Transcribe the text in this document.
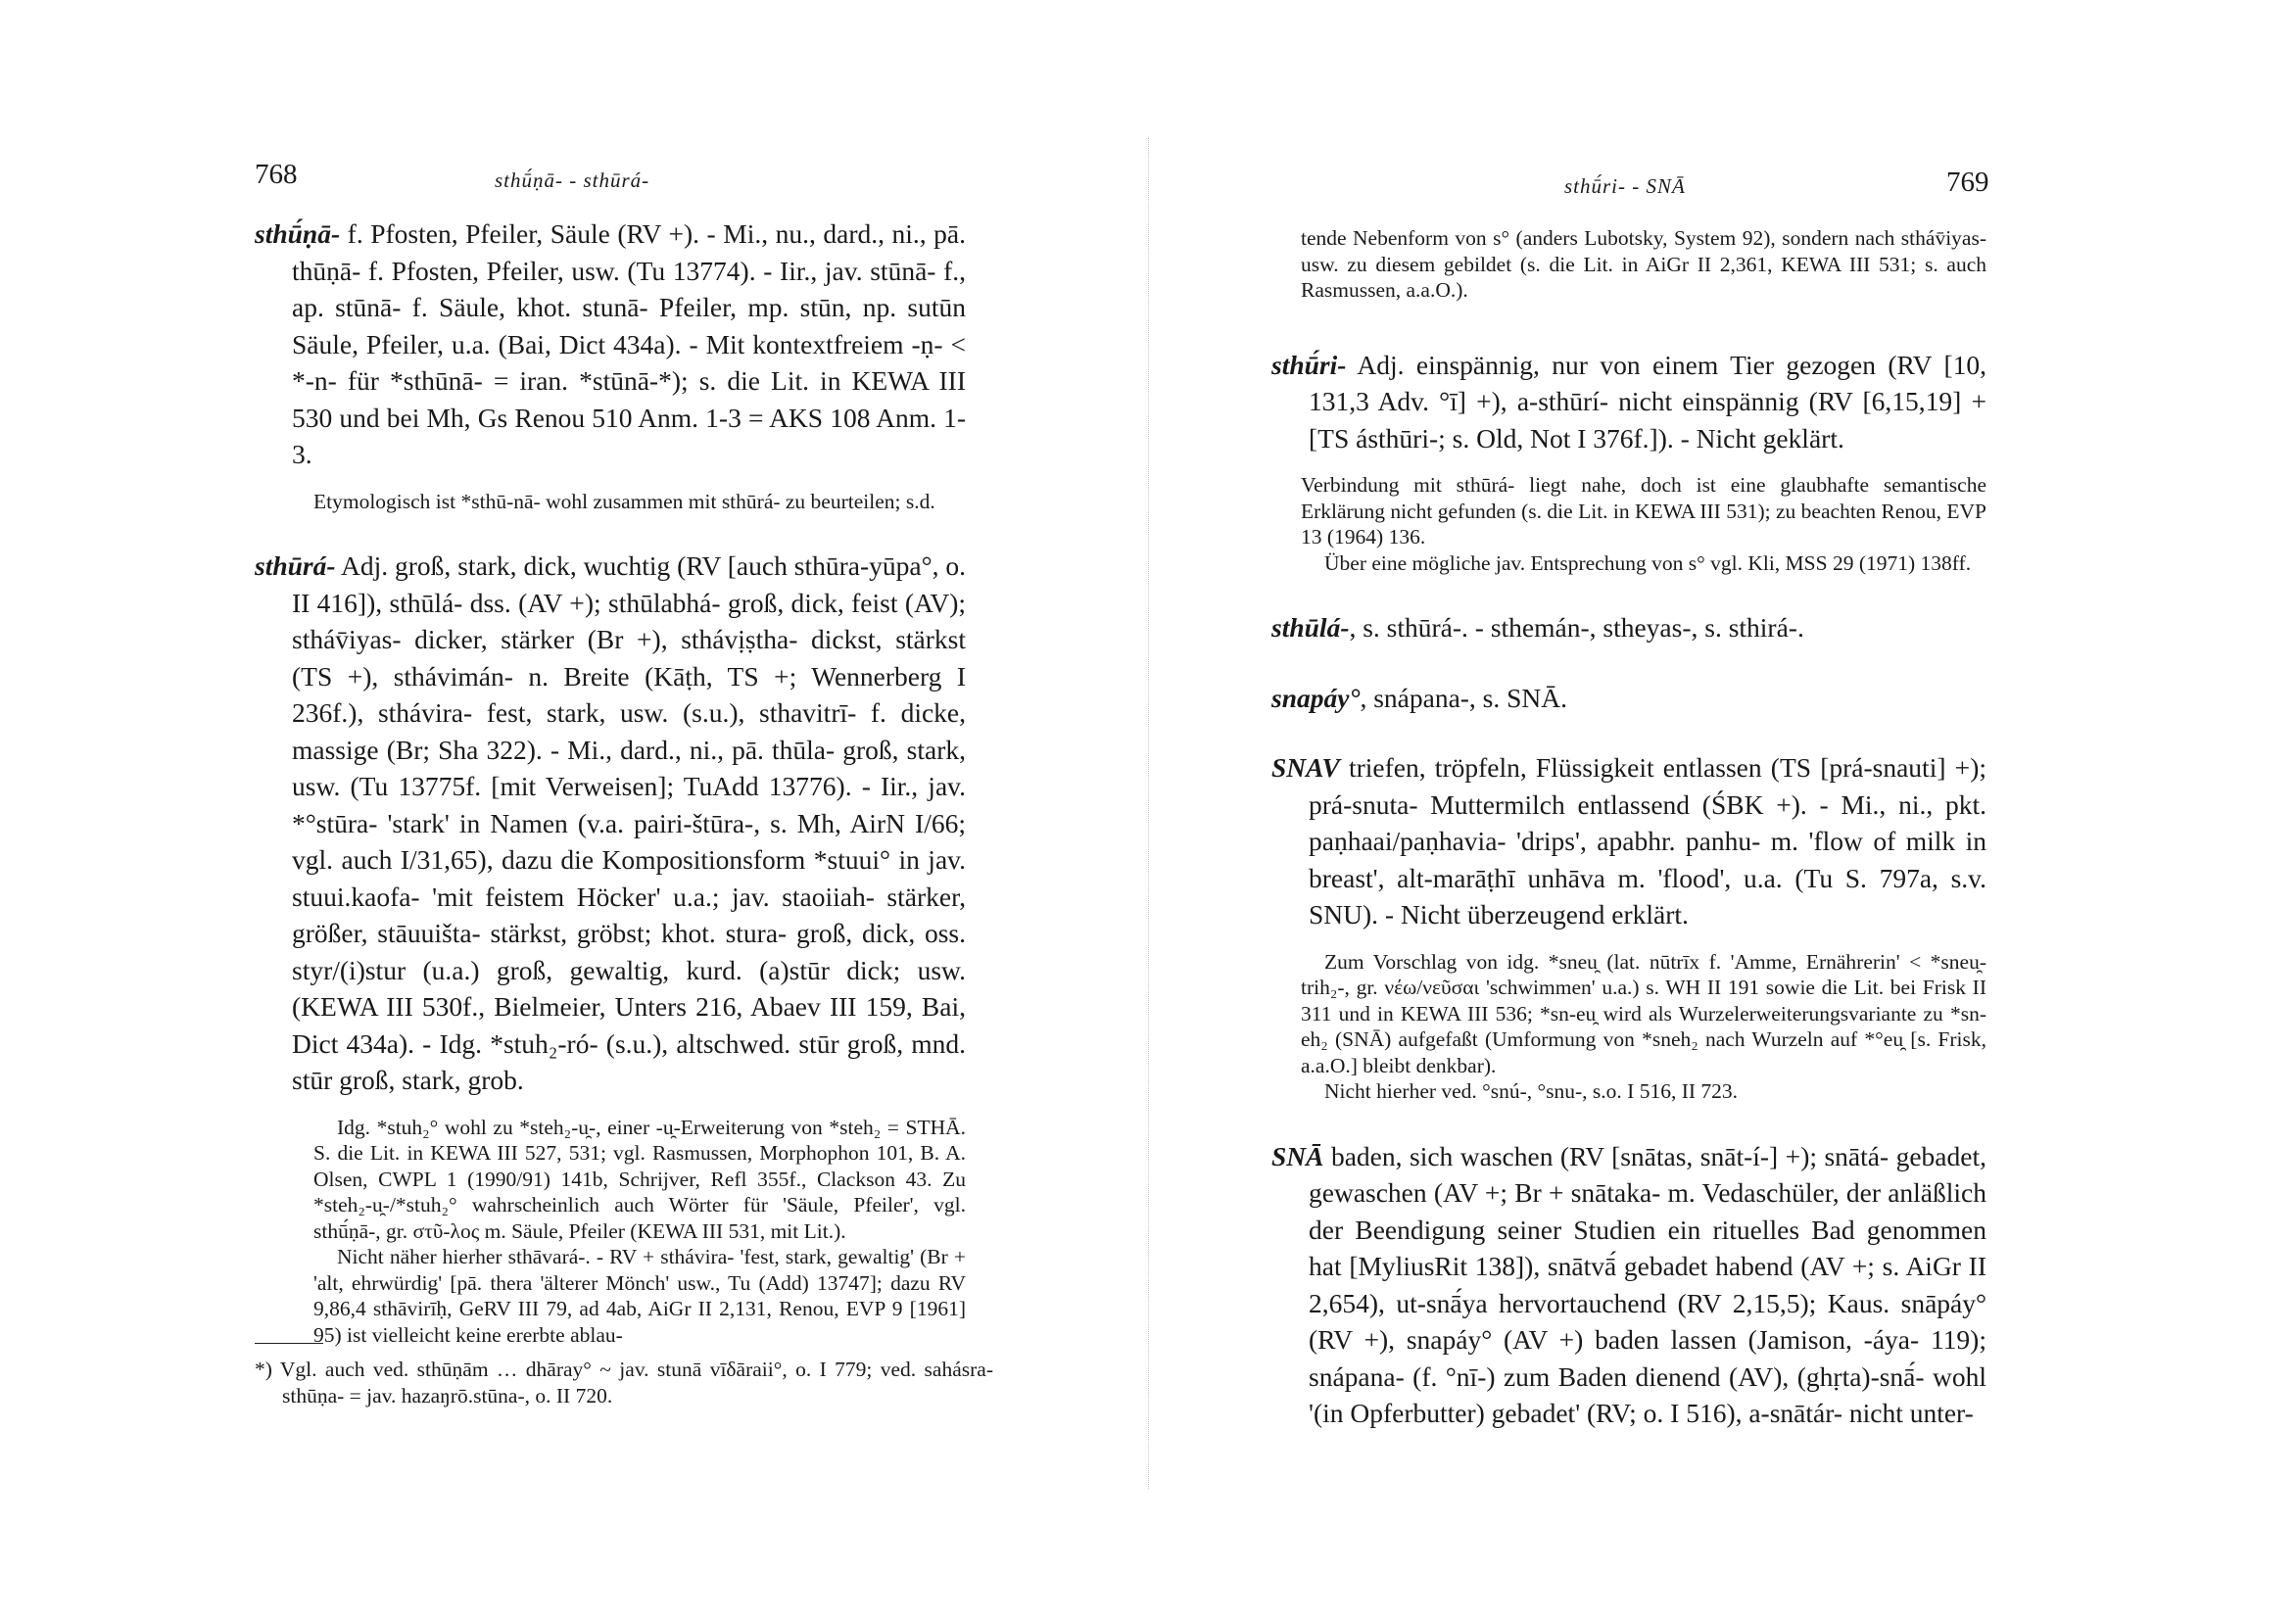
768	sthū́ṇā- - sthūrá-

sthū́ṇā- f. Pfosten, Pfeiler, Säule (RV +). - Mi., nu., dard., ni., pā. thūṇā- f. Pfosten, Pfeiler, usw. (Tu 13774). - Iir., jav. stūnā- f., ap. stūnā- f. Säule, khot. stunā- Pfeiler, mp. stūn, np. sutūn Säule, Pfeiler, u.a. (Bai, Dict 434a). - Mit kontextfreiem -ṇ- < *-n- für *sthūnā- = iran. *stūnā-*); s. die Lit. in KEWA III 530 und bei Mh, Gs Renou 510 Anm. 1-3 = AKS 108 Anm. 1-3.

Etymologisch ist *sthū-nā- wohl zusammen mit sthūrá- zu beurteilen; s.d.

sthūrá- Adj. groß, stark, dick, wuchtig (RV [auch sthūra-yūpa°, o. II 416]), sthūlá- dss. (AV +); sthūlabhá- groß, dick, feist (AV); stháv̄iyas- dicker, stärker (Br +), sthávịṣtha- dickst, stärkst (TS +), sthávimán- n. Breite (Kāṭh, TS +; Wennerberg I 236f.), sthávira- fest, stark, usw. (s.u.), sthavitrī- f. dicke, massige (Br; Sha 322). - Mi., dard., ni., pā. thūla- groß, stark, usw. (Tu 13775f. [mit Verweisen]; TuAdd 13776). - Iir., jav. *°stūra- 'stark' in Namen (v.a. pairi-štūra-, s. Mh, AirN I/66; vgl. auch I/31,65), dazu die Kompositionsform *stuui° in jav. stuui.kaofa- 'mit feistem Höcker' u.a.; jav. staoiiah- stärker, größer, stāuuišta- stärkst, gröbst; khot. stura- groß, dick, oss. styr/(i)stur (u.a.) groß, gewaltig, kurd. (a)stūr dick; usw. (KEWA III 530f., Bielmeier, Unters 216, Abaev III 159, Bai, Dict 434a). - Idg. *stuh₂-ró- (s.u.), altschwed. stūr groß, mnd. stūr groß, stark, grob.

Idg. *stuh₂° wohl zu *steh₂-u̯-, einer -u̯-Erweiterung von *steh₂ = STHĀ. S. die Lit. in KEWA III 527, 531; vgl. Rasmussen, Morphophon 101, B. A. Olsen, CWPL 1 (1990/91) 141b, Schrijver, Refl 355f., Clackson 43. Zu *steh₂-u̯-/*stuh₂° wahrscheinlich auch Wörter für 'Säule, Pfeiler', vgl. sthū́ṇā-, gr. στῦ-λος m. Säule, Pfeiler (KEWA III 531, mit Lit.).

Nicht näher hierher sthāvará-. - RV + sthávira- 'fest, stark, gewaltig' (Br + 'alt, ehrwürdig' [pā. thera 'älterer Mönch' usw., Tu (Add) 13747]; dazu RV 9,86,4 sthāvirīḥ, GeRV III 79, ad 4ab, AiGr II 2,131, Renou, EVP 9 [1961] 95) ist vielleicht keine ererbte ablau-

*) Vgl. auch ved. sthūṇām … dhāray° ~ jav. stunā vīδāraii°, o. I 779; ved. sahásra-sthūṇa- = jav. hazaŋrō.stūna-, o. II 720.

sthū́ri- - SNĀ	769

tende Nebenform von s° (anders Lubotsky, System 92), sondern nach stháv̄iyas- usw. zu diesem gebildet (s. die Lit. in AiGr II 2,361, KEWA III 531; s. auch Rasmussen, a.a.O.).

sthū́ri- Adj. einspännig, nur von einem Tier gezogen (RV [10, 131,3 Adv. °ī] +), a-sthūrí- nicht einspännig (RV [6,15,19] + [TS ásthūri-; s. Old, Not I 376f.]). - Nicht geklärt.

Verbindung mit sthūrá- liegt nahe, doch ist eine glaubhafte semantische Erklärung nicht gefunden (s. die Lit. in KEWA III 531); zu beachten Renou, EVP 13 (1964) 136.

Über eine mögliche jav. Entsprechung von s° vgl. Kli, MSS 29 (1971) 138ff.

sthūlá-, s. sthūrá-. - sthemán-, stheyas-, s. sthirá-.

snapáy°, snápana-, s. SNĀ.

SNAV triefen, tröpfeln, Flüssigkeit entlassen (TS [prá-snauti] +); prá-snuta- Muttermilch entlassend (ŚBK +). - Mi., ni., pkt. paṇhaai/paṇhavia- 'drips', apabhr. panhu- m. 'flow of milk in breast', alt-marāṭhī unhāva m. 'flood', u.a. (Tu S. 797a, s.v. SNU). - Nicht überzeugend erklärt.

Zum Vorschlag von idg. *sneu̯ (lat. nūtrīx f. 'Amme, Ernährerin' < *sneu̯-trih₂-, gr. νέω/νεῦσαι 'schwimmen' u.a.) s. WH II 191 sowie die Lit. bei Frisk II 311 und in KEWA III 536; *sn-eu̯ wird als Wurzelerweiterungsvariante zu *sn-eh₂ (SNĀ) aufgefaßt (Umformung von *sneh₂ nach Wurzeln auf *°eu̯ [s. Frisk, a.a.O.] bleibt denkbar).

Nicht hierher ved. °snú-, °snu-, s.o. I 516, II 723.

SNĀ baden, sich waschen (RV [snātas, snāt-í-] +); snātá- gebadet, gewaschen (AV +; Br + snātaka- m. Vedaschüler, der anläßlich der Beendigung seiner Studien ein rituelles Bad genommen hat [MyliusRit 138]), snātvā́ gebadet habend (AV +; s. AiGr II 2,654), ut-snā́ya hervortauchend (RV 2,15,5); Kaus. snāpáy° (RV +), snapáy° (AV +) baden lassen (Jamison, -áya- 119); snápana- (f. °nī-) zum Baden dienend (AV), (ghṛta)-snā́- wohl '(in Opferbutter) gebadet' (RV; o. I 516), a-snātár- nicht unter-
